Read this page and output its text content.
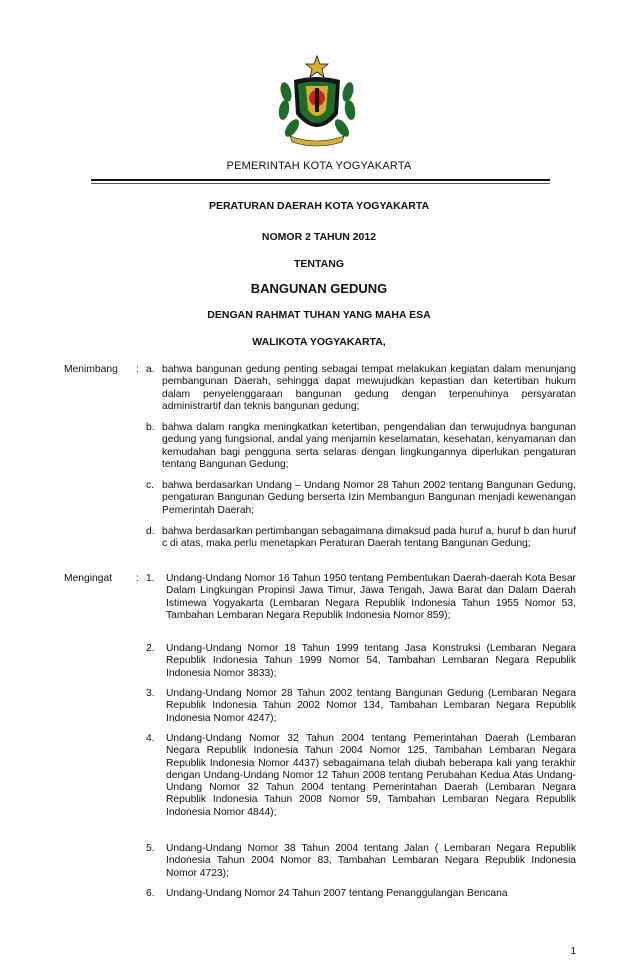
PEMERINTAH KOTA YOGYAKARTA
PERATURAN DAERAH KOTA YOGYAKARTA
NOMOR 2 TAHUN 2012
TENTANG
BANGUNAN GEDUNG
DENGAN RAHMAT TUHAN YANG MAHA ESA
WALIKOTA YOGYAKARTA,
Menimbang	: a. bahwa bangunan gedung penting sebagai tempat melakukan kegiatan dalam menunjang pembangunan Daerah, sehingga dapat mewujudkan kepastian dan ketertiban hukum dalam penyelenggaraan bangunan gedung dengan terpenuhinya persyaratan administrartif dan teknis bangunan gedung;
b. bahwa dalam rangka meningkatkan ketertiban, pengendalian dan terwujudnya bangunan gedung yang fungsional, andal yang menjamin keselamatan, kesehatan, kenyamanan dan kemudahan bagi pengguna serta selaras dengan lingkungannya diperlukan pengaturan tentang Bangunan Gedung;
c. bahwa berdasarkan Undang – Undang Nomor 28 Tahun 2002 tentang Bangunan Gedung, pengaturan Bangunan Gedung berserta Izin Membangun Bangunan menjadi kewenangan Pemerintah Daerah;
d. bahwa berdasarkan pertimbangan sebagaimana dimaksud pada huruf a, huruf b dan huruf c di atas, maka perlu menetapkan Peraturan Daerah tentang Bangunan Gedung;
Mengingat	: 1.	Undang-Undang Nomor 16 Tahun 1950 tentang Pembentukan Daerah-daerah Kota Besar Dalam Lingkungan Propinsi Jawa Timur, Jawa Tengah, Jawa Barat dan Dalam Daerah Istimewa Yogyakarta (Lembaran Negara Republik Indonesia Tahun 1955 Nomor 53, Tambahan Lembaran Negara Republik Indonesia Nomor 859);
2.	Undang-Undang Nomor 18 Tahun 1999 tentang Jasa Konstruksi (Lembaran Negara Republik Indonesia Tahun 1999 Nomor 54, Tambahan Lembaran Negara Republik Indonesia Nomor 3833);
3.	Undang-Undang Nomor 28 Tahun 2002 tentang Bangunan Gedung (Lembaran Negara Republik Indonesia Tahun 2002 Nomor 134, Tambahan Lembaran Negara Republik Indonesia Nomor 4247);
4.	Undang-Undang Nomor 32 Tahun 2004 tentang Pemerintahan Daerah (Lembaran Negara Republik Indonesia Tahun 2004 Nomor 125, Tambahan Lembaran Negara Republik Indonesia Nomor 4437) sebagaimana telah diubah beberapa kali yang terakhir dengan Undang-Undang Nomor 12 Tahun 2008 tentang Perubahan Kedua Atas Undang-Undang Nomor 32 Tahun 2004 tentang Pemerintahan Daerah (Lembaran Negara Republik Indonesia Tahun 2008 Nomor 59, Tambahan Lembaran Negara Republik Indonesia Nomor 4844);
5.	Undang-Undang Nomor 38 Tahun 2004 tentang Jalan ( Lembaran Negara Republik Indonesia Tahun 2004 Nomor 83, Tambahan Lembaran Negara Republik Indonesia Nomor 4723);
6.	Undang-Undang Nomor 24 Tahun 2007 tentang Penanggulangan Bencana
1
